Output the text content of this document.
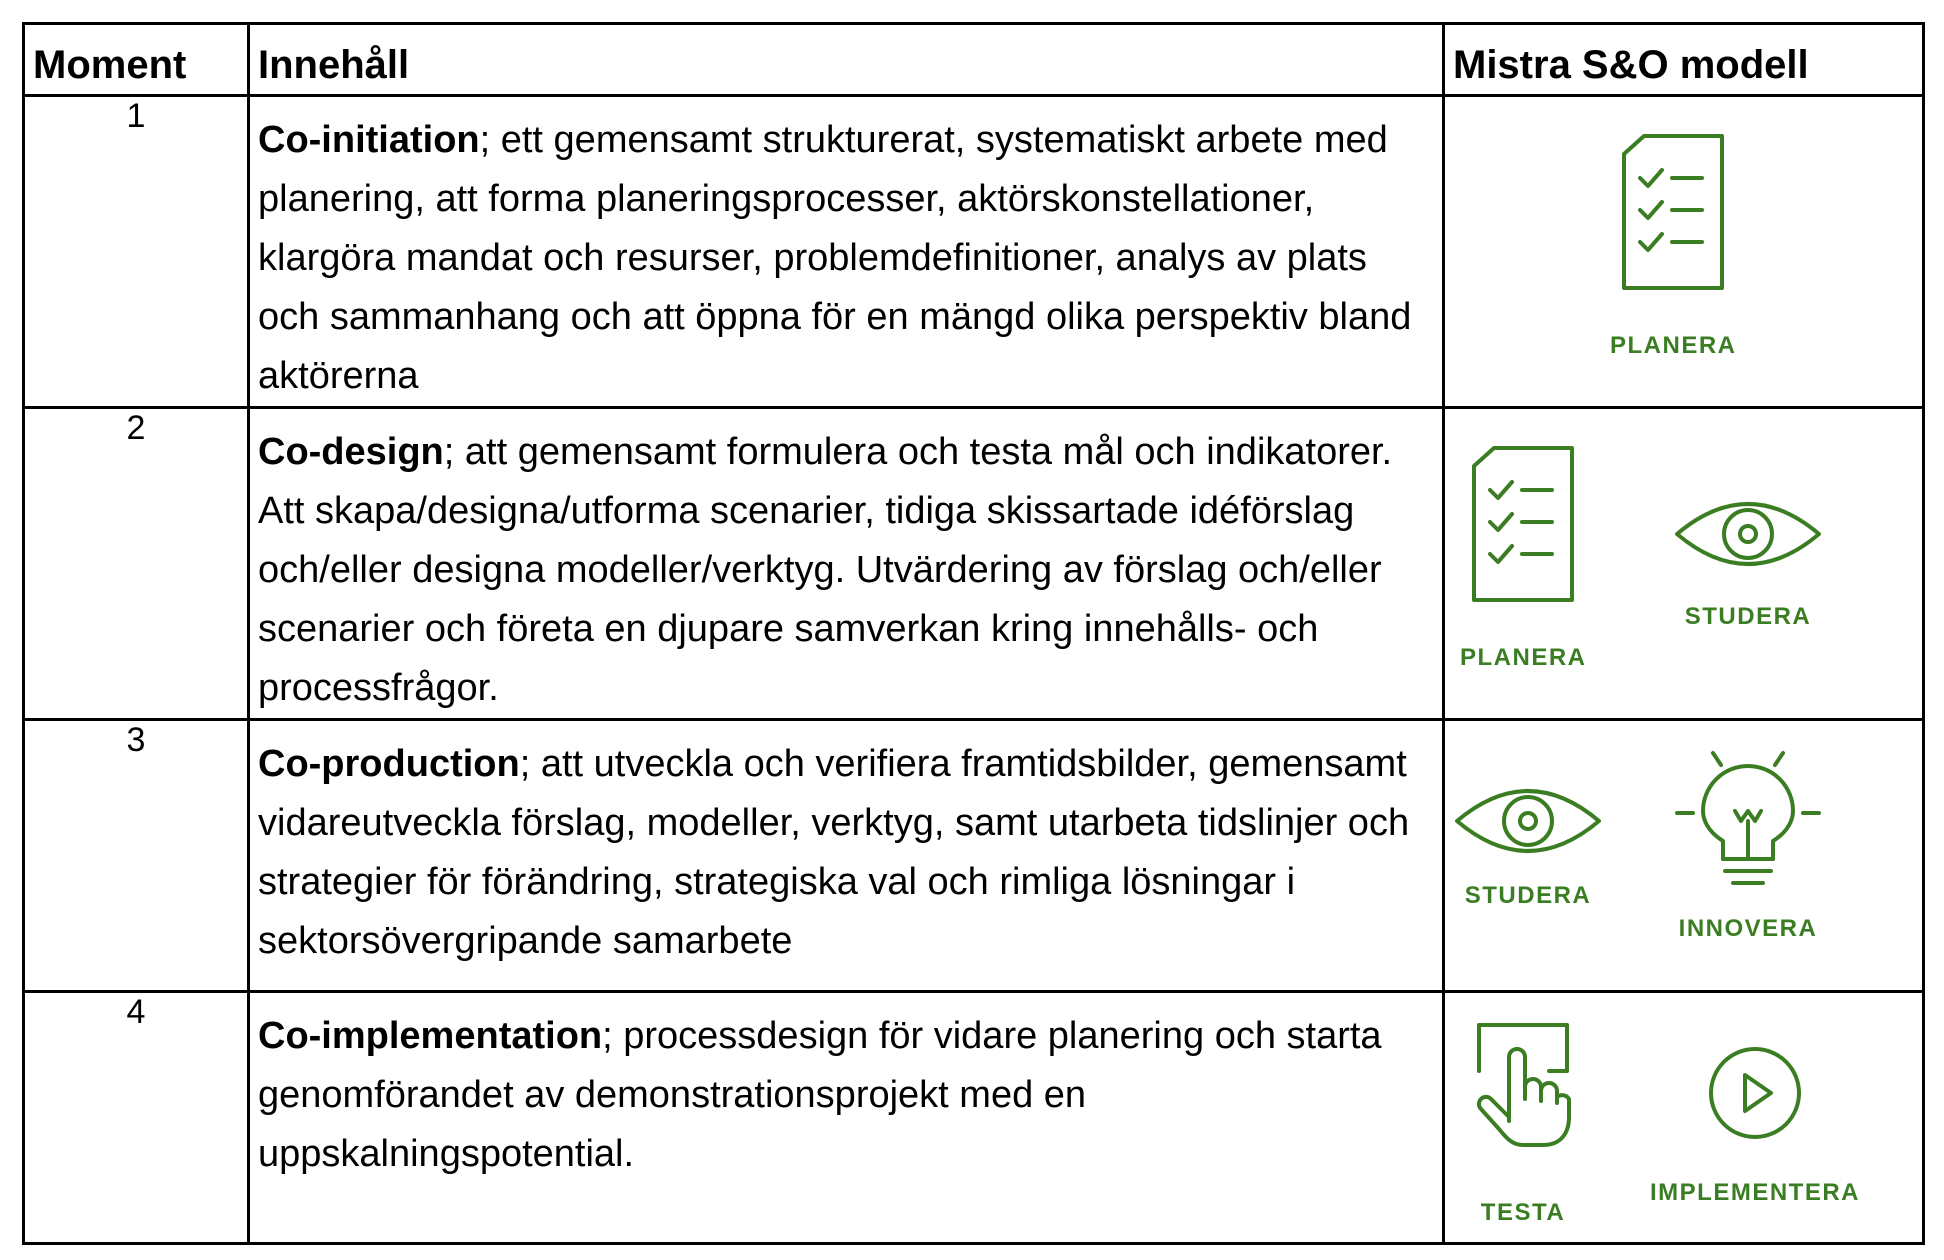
Moment	Innehåll	Mistra S&O modell
1	Co-initiation; ett gemensamt strukturerat, systematiskt arbete med planering, att forma planeringsprocesser, aktörskonstellationer, klargöra mandat och resurser, problemdefinitioner, analys av plats och sammanhang och att öppna för en mängd olika perspektiv bland aktörerna	PLANERA

2	Co-design; att gemensamt formulera och testa mål och indikatorer. Att skapa/designa/utforma scenarier, tidiga skissartade idéförslag och/eller designa modeller/verktyg. Utvärdering av förslag och/eller scenarier och företa en djupare samverkan kring innehålls- och processfrågor.	PLANERA
STUDERA

3	Co-production; att utveckla och verifiera framtidsbilder, gemensamt vidareutveckla förslag, modeller, verktyg, samt utarbeta tidslinjer och strategier för förändring, strategiska val och rimliga lösningar i sektorsövergripande samarbete	STUDERA
INNOVERA

4	Co-implementation; processdesign för vidare planering och starta genomförandet av demonstrationsprojekt med en uppskalningspotential.	TESTA
IMPLEMENTERA
